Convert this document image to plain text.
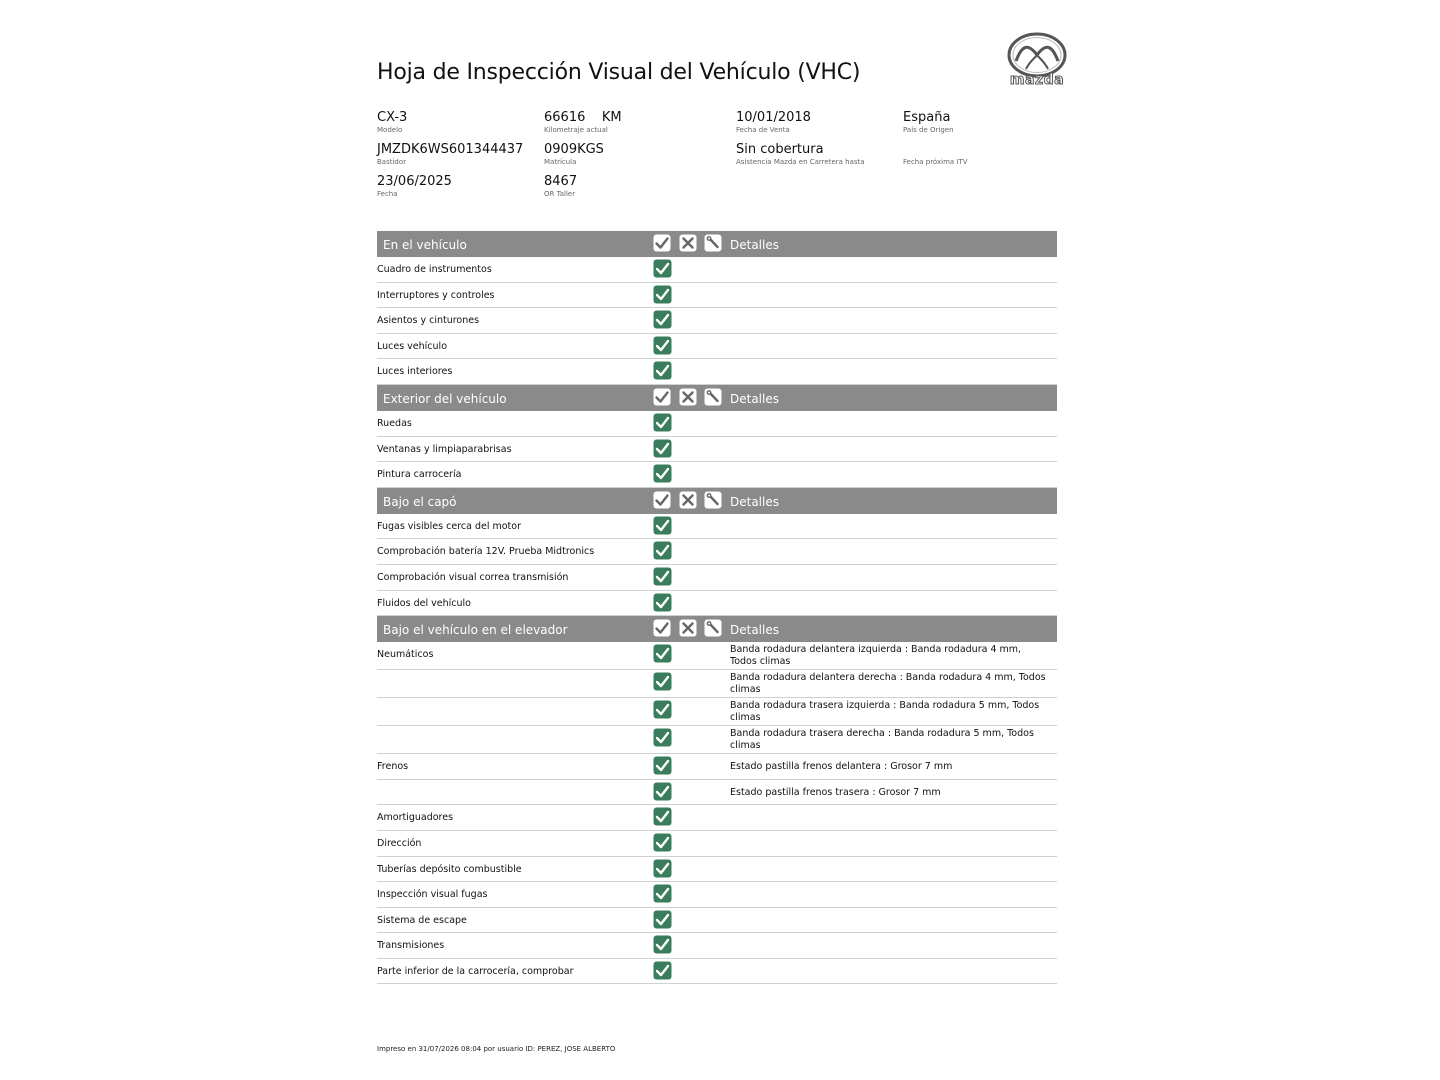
Hoja de Inspección Visual del Vehículo (VHC)	mazda
CX-3
Modelo
66616    KM
Kilometraje actual
10/01/2018
Fecha de Venta
España
País de Origen
JMZDK6WS601344437
Bastidor
0909KGS
Matrícula
Sin cobertura
Asistencia Mazda en Carretera hasta	Fecha próxima ITV
23/06/2025
Fecha
8467
OR Taller
En el vehículo	Detalles
Cuadro de instrumentos
Interruptores y controles
Asientos y cinturones
Luces vehículo
Luces interiores
Exterior del vehículo	Detalles
Ruedas
Ventanas y limpiaparabrisas
Pintura carrocería
Bajo el capó	Detalles
Fugas visibles cerca del motor
Comprobación batería 12V. Prueba Midtronics
Comprobación visual correa transmisión
Fluidos del vehículo
Bajo el vehículo en el elevador	Detalles
Neumáticos	Banda rodadura delantera izquierda : Banda rodadura 4 mm, Todos climas
Banda rodadura delantera derecha : Banda rodadura 4 mm, Todos climas
Banda rodadura trasera izquierda : Banda rodadura 5 mm, Todos climas
Banda rodadura trasera derecha : Banda rodadura 5 mm, Todos climas
Frenos	Estado pastilla frenos delantera : Grosor 7 mm
Estado pastilla frenos trasera : Grosor 7 mm
Amortiguadores
Dirección
Tuberías depósito combustible
Inspección visual fugas
Sistema de escape
Transmisiones
Parte inferior de la carrocería, comprobar
Impreso en 31/07/2026 08:04 por usuario ID: PEREZ, JOSE ALBERTO
